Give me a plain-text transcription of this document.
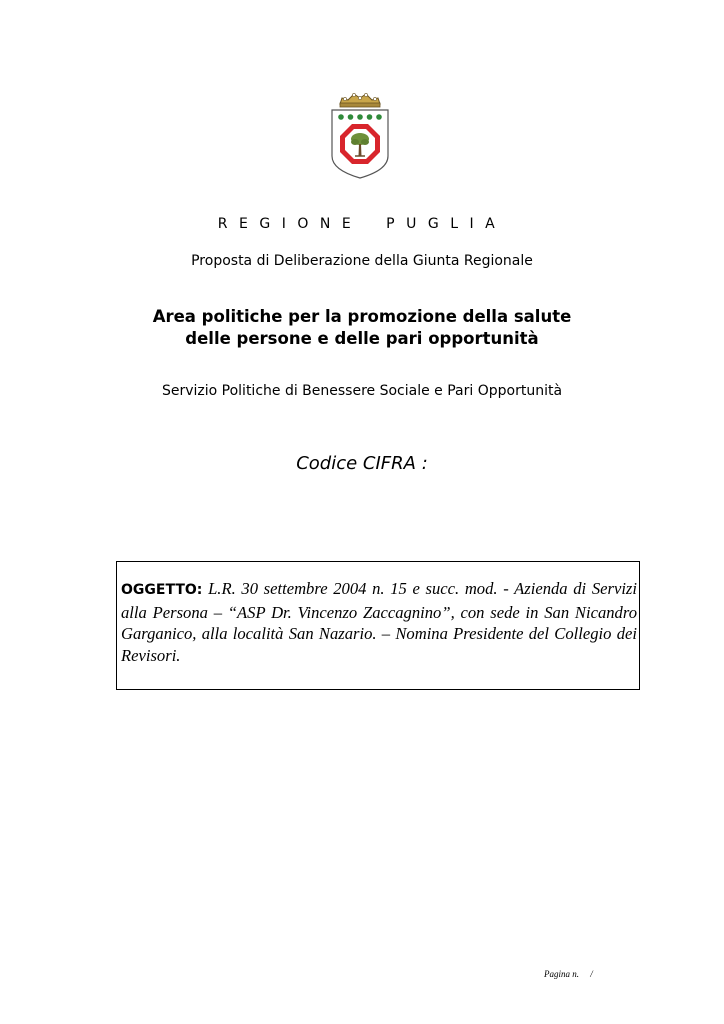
REGIONE PUGLIA
Proposta di Deliberazione della Giunta Regionale
Area politiche per la promozione della salute
delle persone e delle pari opportunità
Servizio Politiche di Benessere Sociale e Pari Opportunità
Codice CIFRA :
OGGETTO: L.R. 30 settembre 2004 n. 15 e succ. mod. - Azienda di Servizi alla Persona – “ASP Dr. Vincenzo Zaccagnino”, con sede in San Nicandro Garganico, alla località San Nazario. – Nomina Presidente del Collegio dei Revisori.
Pagina n. /
